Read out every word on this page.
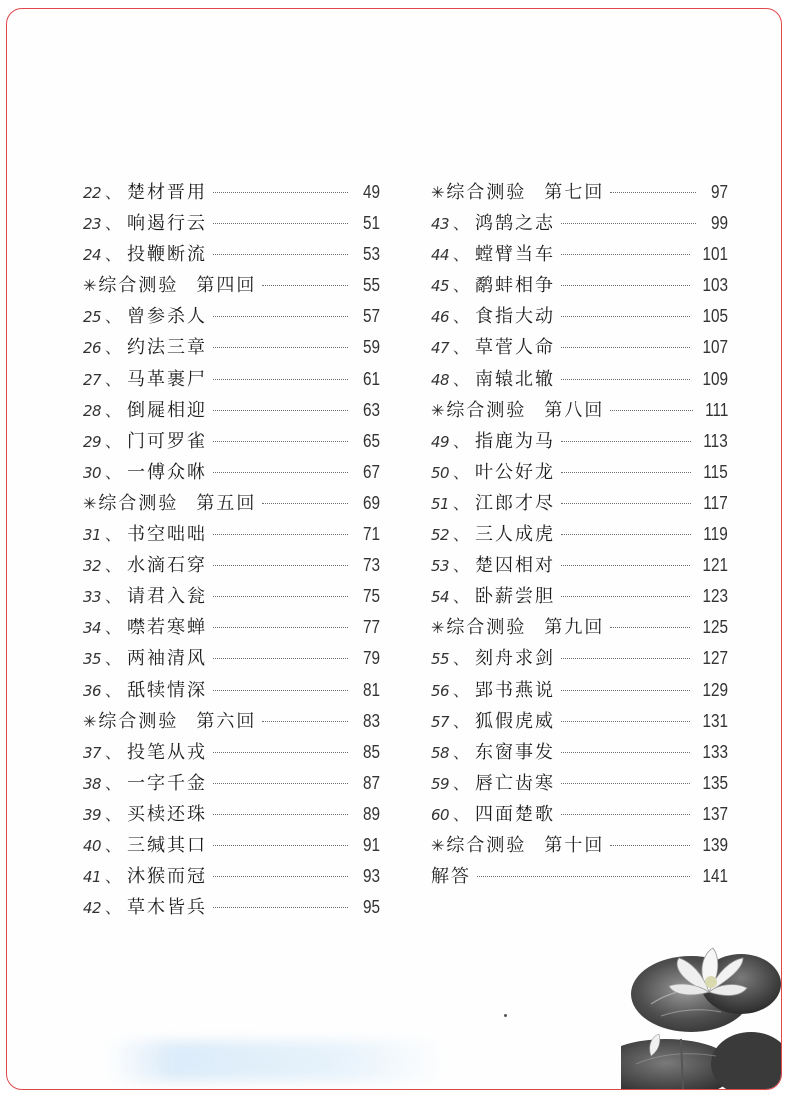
22 、 楚材晋用	49
23 、 响遏行云	51
24 、 投鞭断流	53
✳ 综合测验 第四回	55
25 、 曾参杀人	57
26 、 约法三章	59
27 、 马革裹尸	61
28 、 倒屣相迎	63
29 、 门可罗雀	65
30 、 一傅众咻	67
✳ 综合测验 第五回	69
31 、 书空咄咄	71
32 、 水滴石穿	73
33 、 请君入瓮	75
34 、 噤若寒蝉	77
35 、 两袖清风	79
36 、 舐犊情深	81
✳ 综合测验 第六回	83
37 、 投笔从戎	85
38 、 一字千金	87
39 、 买椟还珠	89
40 、 三缄其口	91
41 、 沐猴而冠	93
42 、 草木皆兵	95
✳ 综合测验 第七回	97
43 、 鸿鹄之志	99
44 、 螳臂当车	101
45 、 鹬蚌相争	103
46 、 食指大动	105
47 、 草菅人命	107
48 、 南辕北辙	109
✳ 综合测验 第八回	111
49 、 指鹿为马	113
50 、 叶公好龙	115
51 、 江郎才尽	117
52 、 三人成虎	119
53 、 楚囚相对	121
54 、 卧薪尝胆	123
✳ 综合测验 第九回	125
55 、 刻舟求剑	127
56 、 郢书燕说	129
57 、 狐假虎威	131
58 、 东窗事发	133
59 、 唇亡齿寒	135
60 、 四面楚歌	137
✳ 综合测验 第十回	139
解答	141
